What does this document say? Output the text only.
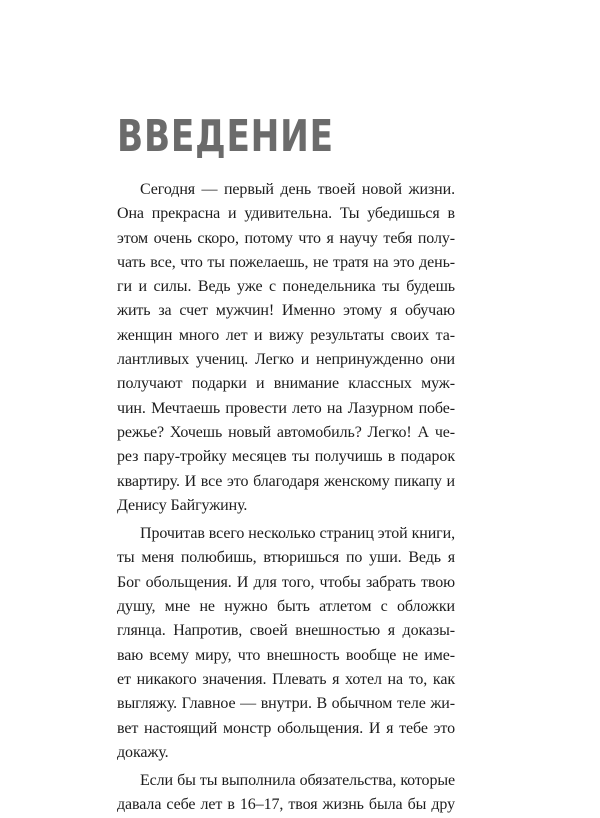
ВВЕДЕНИЕ
Сегодня — первый день твоей новой жизни.
Она прекрасна и удивительна. Ты убедишься в
этом очень скоро, потому что я научу тебя полу-
чать все, что ты пожелаешь, не тратя на это день-
ги и силы. Ведь уже с понедельника ты будешь
жить за счет мужчин! Именно этому я обучаю
женщин много лет и вижу результаты своих та-
лантливых учениц. Легко и непринужденно они
получают подарки и внимание классных муж-
чин. Мечтаешь провести лето на Лазурном побе-
режье? Хочешь новый автомобиль? Легко! А че-
рез пару-тройку месяцев ты получишь в подарок
квартиру. И все это благодаря женскому пикапу и
Денису Байгужину.
Прочитав всего несколько страниц этой книги,
ты меня полюбишь, втюришься по уши. Ведь я
Бог обольщения. И для того, чтобы забрать твою
душу, мне не нужно быть атлетом с обложки
глянца. Напротив, своей внешностью я доказы-
ваю всему миру, что внешность вообще не име-
ет никакого значения. Плевать я хотел на то, как
выгляжу. Главное — внутри. В обычном теле жи-
вет настоящий монстр обольщения. И я тебе это
докажу.
Если бы ты выполнила обязательства, которые
давала себе лет в 16–17, твоя жизнь была бы дру
